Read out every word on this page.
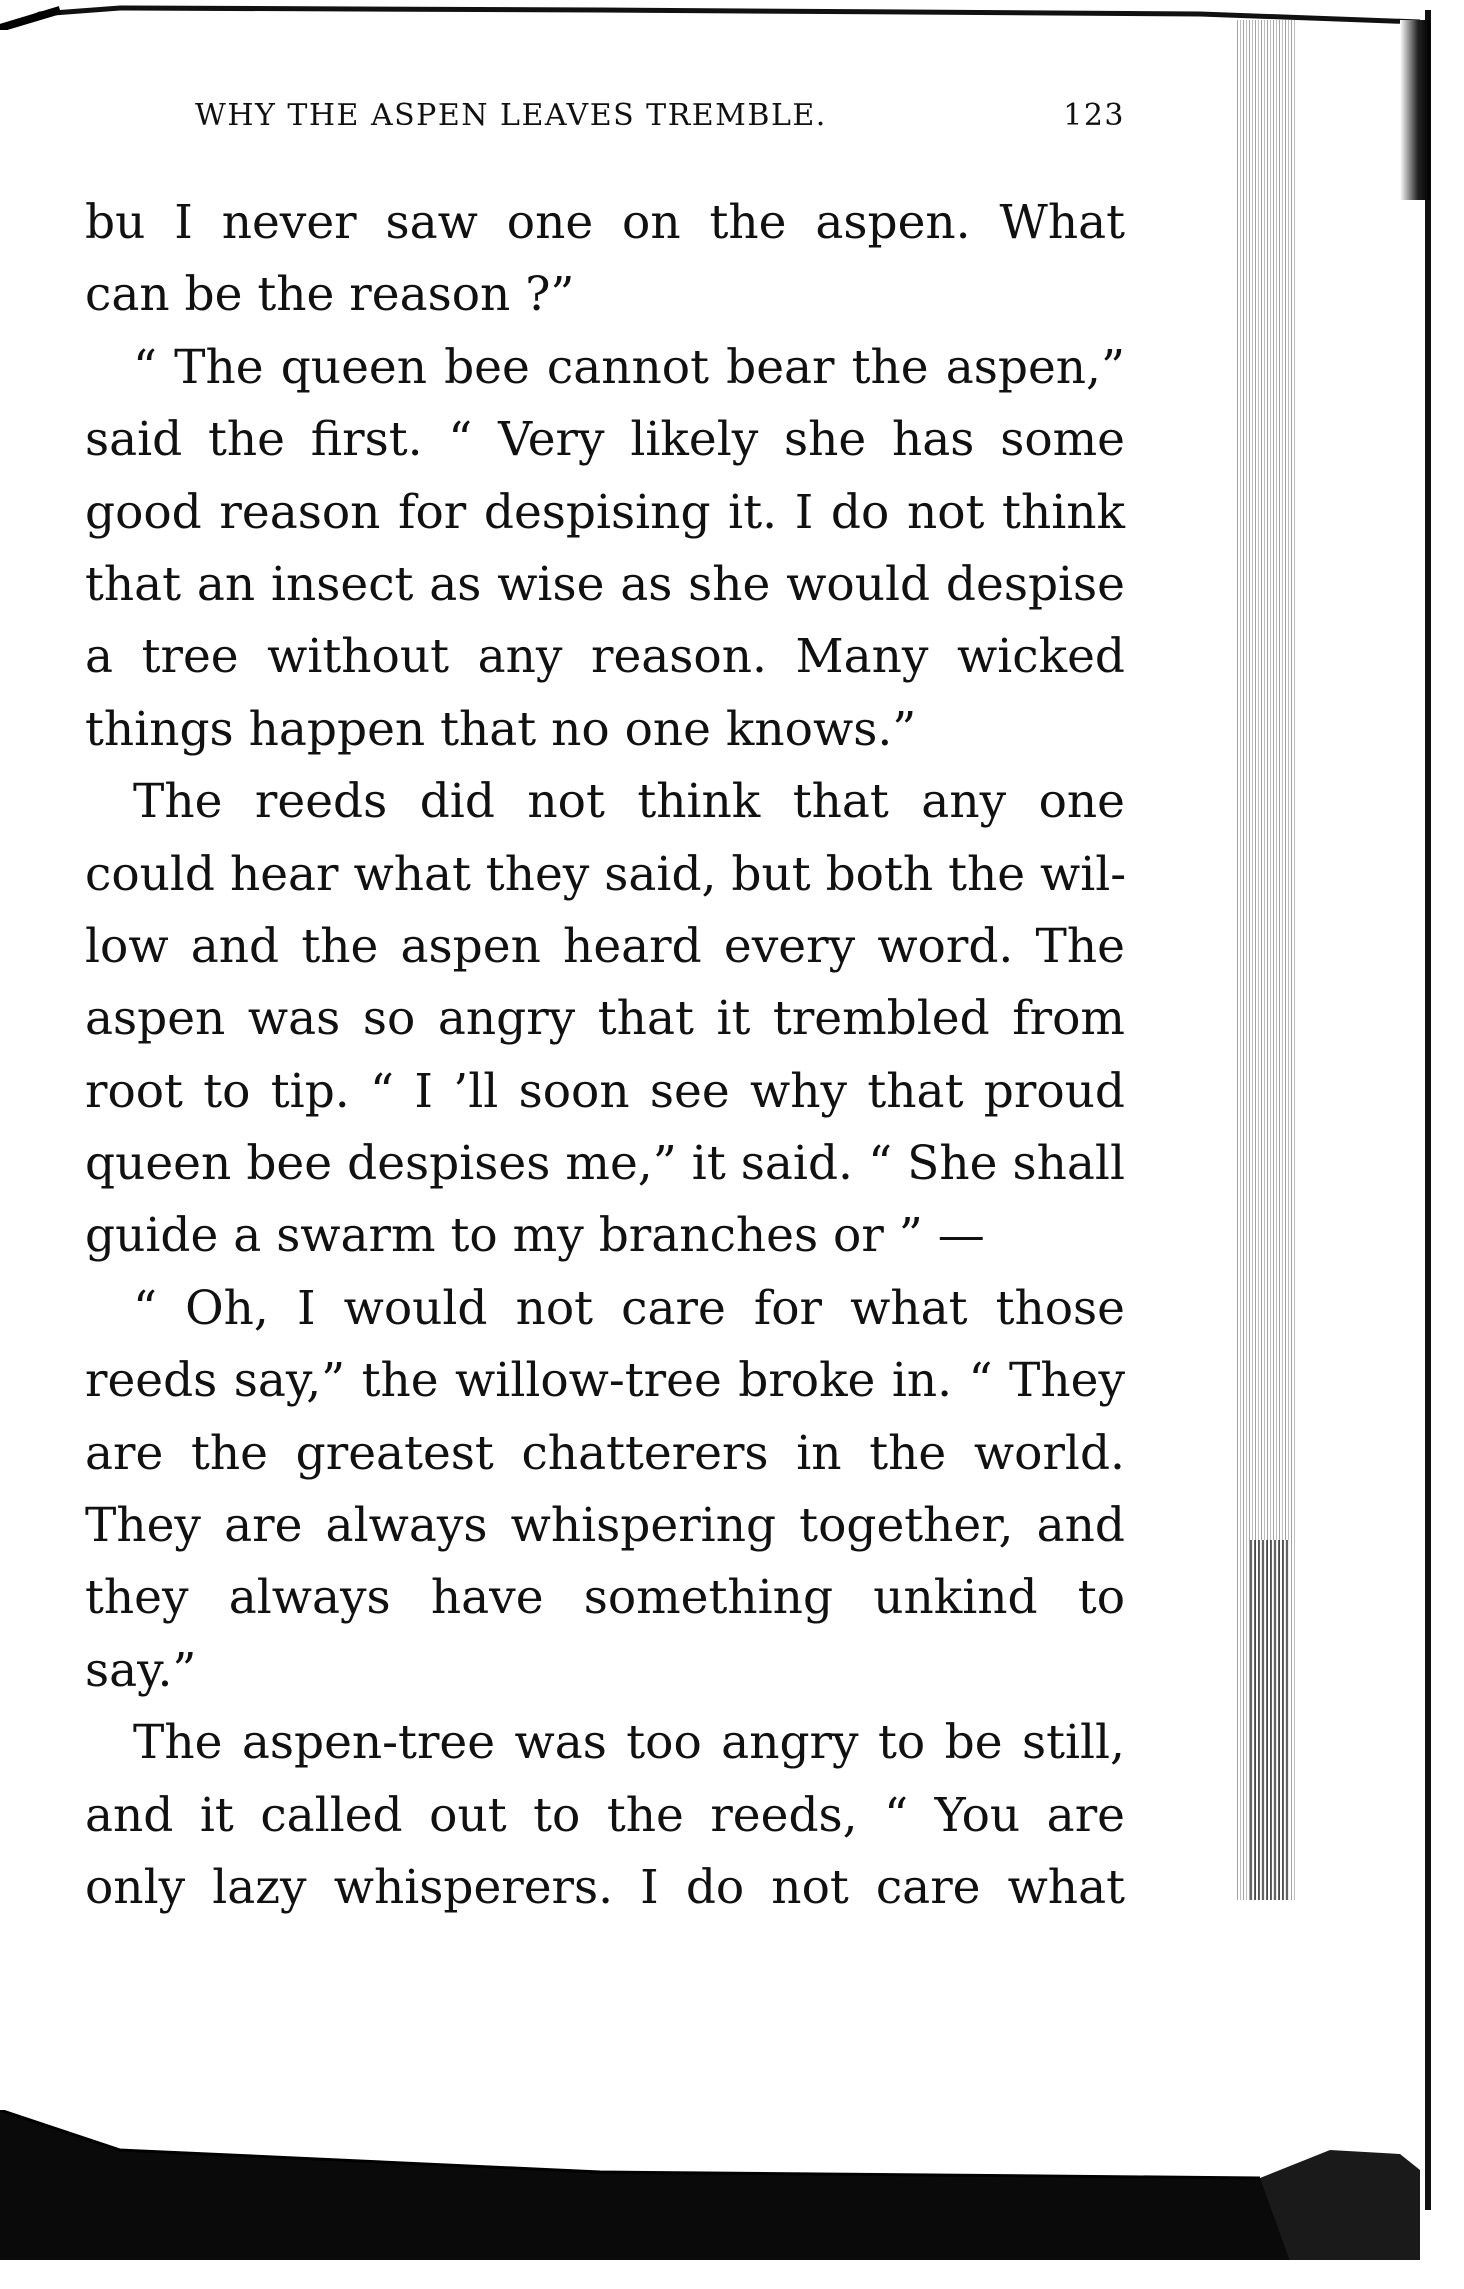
WHY THE ASPEN LEAVES TREMBLE.	123
bu I never saw one on the aspen. What
can be the reason ?”
“ The queen bee cannot bear the aspen,”
said the first. “ Very likely she has some
good reason for despising it. I do not think
that an insect as wise as she would despise
a tree without any reason. Many wicked
things happen that no one knows.”
The reeds did not think that any one
could hear what they said, but both the wil-
low and the aspen heard every word. The
aspen was so angry that it trembled from
root to tip. “ I ’ll soon see why that proud
queen bee despises me,” it said. “ She shall
guide a swarm to my branches or ” —
“ Oh, I would not care for what those
reeds say,” the willow-tree broke in. “ They
are the greatest chatterers in the world.
They are always whispering together, and
they always have something unkind to
say.”
The aspen-tree was too angry to be still,
and it called out to the reeds, “ You are
only lazy whisperers. I do not care what
